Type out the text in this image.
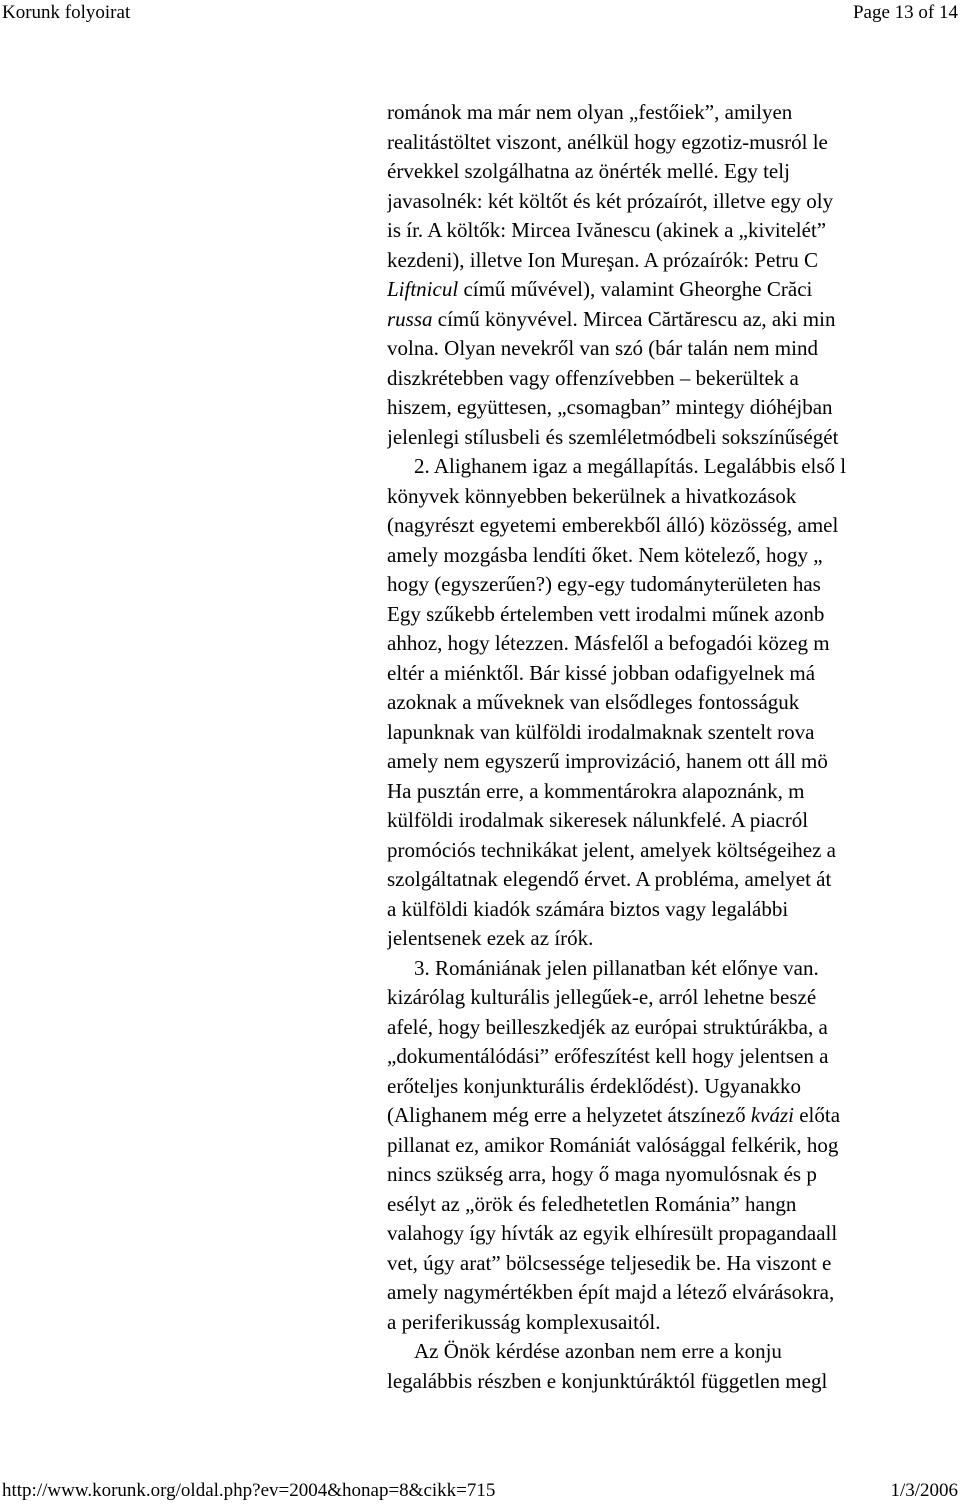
Korunk folyoirat	Page 13 of 14
románok ma már nem olyan „festőiek”, amilyen
realitástöltet viszont, anélkül hogy egzotiz-musról le
érvekkel szolgálhatna az önérték mellé. Egy telj
javasolnék: két költőt és két prózaírót, illetve egy oly
is ír. A költők: Mircea Ivănescu (akinek a „kivitelét”
kezdeni), illetve Ion Mureşan. A prózaírók: Petru C
Liftnicul című művével), valamint Gheorghe Crăci
russa című könyvével. Mircea Cărtărescu az, aki min
volna. Olyan nevekről van szó (bár talán nem mind
diszkrétebben vagy offenzívebben – bekerültek a
hiszem, együttesen, „csomagban” mintegy dióhéjban
jelenlegi stílusbeli és szemléletmódbeli sokszínűségét
2. Alighanem igaz a megállapítás. Legalábbis első l
könyvek könnyebben bekerülnek a hivatkozások
(nagyrészt egyetemi emberekből álló) közösség, amel
amely mozgásba lendíti őket. Nem kötelező, hogy „
hogy (egyszerűen?) egy-egy tudományterületen has
Egy szűkebb értelemben vett irodalmi műnek azonb
ahhoz, hogy létezzen. Másfelől a befogadói közeg m
eltér a miénktől. Bár kissé jobban odafigyelnek má
azoknak a műveknek van elsődleges fontosságuk
lapunknak van külföldi irodalmaknak szentelt rova
amely nem egyszerű improvizáció, hanem ott áll mö
Ha pusztán erre, a kommentárokra alapoznánk, m
külföldi irodalmak sikeresek nálunkfelé. A piacról
promóciós technikákat jelent, amelyek költségeihez a
szolgáltatnak elegendő érvet. A probléma, amelyet át
a külföldi kiadók számára biztos vagy legalábbi
jelentsenek ezek az írók.
3. Romániának jelen pillanatban két előnye van.
kizárólag kulturális jellegűek-e, arról lehetne beszé
afelé, hogy beilleszkedjék az európai struktúrákba, a
„dokumentálódási” erőfeszítést kell hogy jelentsen a
erőteljes konjunkturális érdeklődést). Ugyanakko
(Alighanem még erre a helyzetet átszínező kvázi előta
pillanat ez, amikor Romániát valósággal felkérik, hog
nincs szükség arra, hogy ő maga nyomulósnak és p
esélyt az „örök és feledhetetlen Románia” hangn
valahogy így hívták az egyik elhíresült propagandaall
vet, úgy arat” bölcsessége teljesedik be. Ha viszont e
amely nagymértékben épít majd a létező elvárásokra,
a periferikusság komplexusaitól.
Az Önök kérdése azonban nem erre a konju
legalábbis részben e konjunktúráktól független megl
http://www.korunk.org/oldal.php?ev=2004&honap=8&cikk=715	1/3/2006
